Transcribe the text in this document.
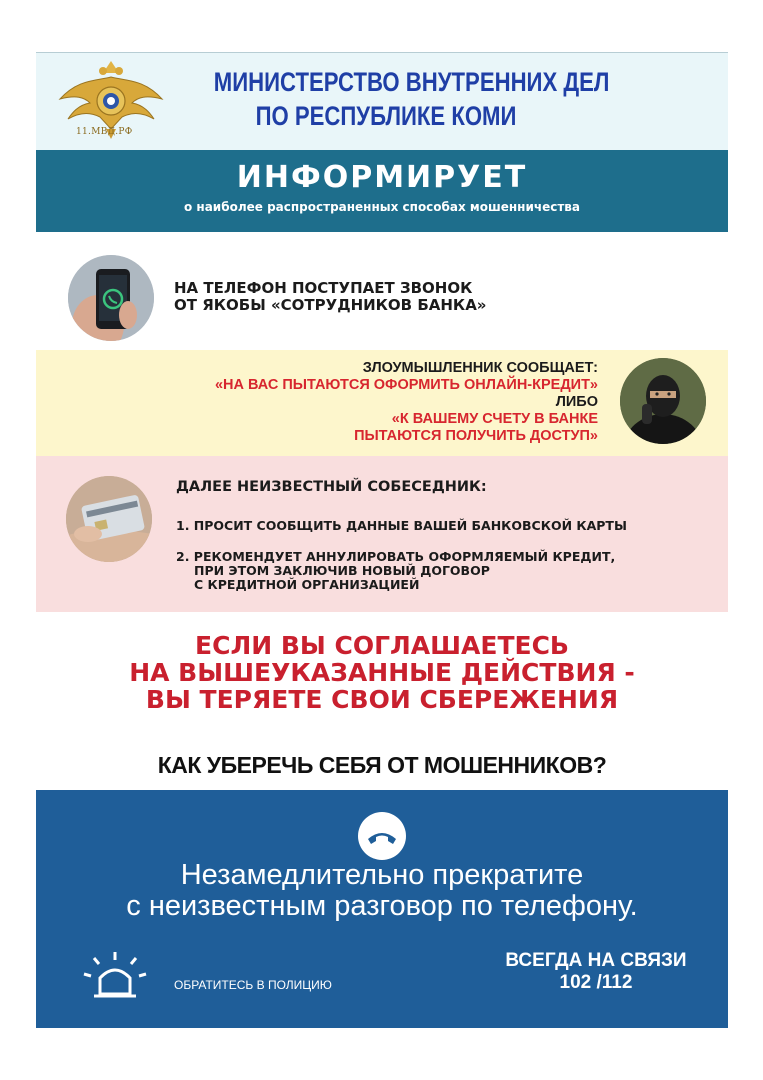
11.МВД.РФ
МИНИСТЕРСТВО ВНУТРЕННИХ ДЕЛ
ПО РЕСПУБЛИКЕ КОМИ
ИНФОРМИРУЕТ
о наиболее распространенных способах мошенничества
НА ТЕЛЕФОН ПОСТУПАЕТ ЗВОНОК
ОТ ЯКОБЫ «СОТРУДНИКОВ БАНКА»
ЗЛОУМЫШЛЕННИК СООБЩАЕТ:
«НА ВАС ПЫТАЮТСЯ ОФОРМИТЬ ОНЛАЙН-КРЕДИТ»
ЛИБО
«К ВАШЕМУ СЧЕТУ В БАНКЕ
ПЫТАЮТСЯ ПОЛУЧИТЬ ДОСТУП»
ДАЛЕЕ НЕИЗВЕСТНЫЙ СОБЕСЕДНИК:
1. ПРОСИТ СООБЩИТЬ ДАННЫЕ ВАШЕЙ БАНКОВСКОЙ КАРТЫ
2. РЕКОМЕНДУЕТ АННУЛИРОВАТЬ ОФОРМЛЯЕМЫЙ КРЕДИТ,
ПРИ ЭТОМ ЗАКЛЮЧИВ НОВЫЙ ДОГОВОР
С КРЕДИТНОЙ ОРГАНИЗАЦИЕЙ
ЕСЛИ ВЫ СОГЛАШАЕТЕСЬ
НА ВЫШЕУКАЗАННЫЕ ДЕЙСТВИЯ -
ВЫ ТЕРЯЕТЕ СВОИ СБЕРЕЖЕНИЯ
КАК УБЕРЕЧЬ СЕБЯ ОТ МОШЕННИКОВ?
Незамедлительно прекратите
с неизвестным разговор по телефону.
ОБРАТИТЕСЬ В ПОЛИЦИЮ
ВСЕГДА НА СВЯЗИ
102 /112
